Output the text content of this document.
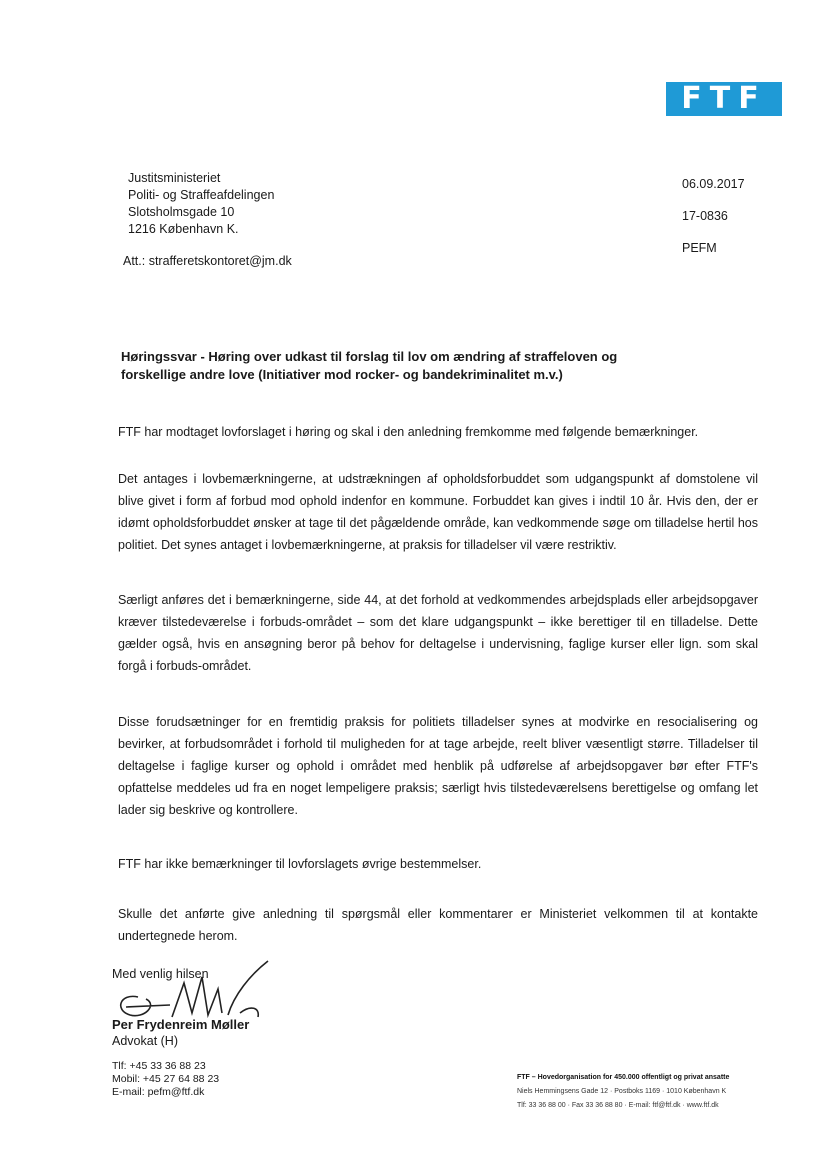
FTF
Justitsministeriet
Politi- og Straffeafdelingen
Slotsholmsgade 10
1216 København K.
06.09.2017
17-0836
PEFM
Att.: strafferetskontoret@jm.dk
Høringssvar - Høring over udkast til forslag til lov om ændring af straffeloven og forskellige andre love (Initiativer mod rocker- og bandekriminalitet m.v.)
FTF har modtaget lovforslaget i høring og skal i den anledning fremkomme med følgende bemærkninger.
Det antages i lovbemærkningerne, at udstrækningen af opholdsforbuddet som udgangspunkt af domstolene vil blive givet i form af forbud mod ophold indenfor en kommune. Forbuddet kan gives i indtil 10 år. Hvis den, der er idømt opholdsforbuddet ønsker at tage til det pågældende område, kan vedkommende søge om tilladelse hertil hos politiet. Det synes antaget i lovbemærkningerne, at praksis for tilladelser vil være restriktiv.
Særligt anføres det i bemærkningerne, side 44, at det forhold at vedkommendes arbejdsplads eller arbejdsopgaver kræver tilstedeværelse i forbuds-området – som det klare udgangspunkt – ikke berettiger til en tilladelse. Dette gælder også, hvis en ansøgning beror på behov for deltagelse i undervisning, faglige kurser eller lign. som skal forgå i forbuds-området.
Disse forudsætninger for en fremtidig praksis for politiets tilladelser synes at modvirke en resocialisering og bevirker, at forbudsområdet i forhold til muligheden for at tage arbejde, reelt bliver væsentligt større. Tilladelser til deltagelse i faglige kurser og ophold i området med henblik på udførelse af arbejdsopgaver bør efter FTF's opfattelse meddeles ud fra en noget lempeligere praksis; særligt hvis tilstedeværelsens berettigelse og omfang let lader sig beskrive og kontrollere.
FTF har ikke bemærkninger til lovforslagets øvrige bestemmelser.
Skulle det anførte give anledning til spørgsmål eller kommentarer er Ministeriet velkommen til at kontakte undertegnede herom.
Med venlig hilsen
Per Frydenreim Møller
Advokat (H)
Tlf: +45 33 36 88 23
Mobil: +45 27 64 88 23
E-mail: pefm@ftf.dk
FTF – Hovedorganisation for 450.000 offentligt og privat ansatte
Niels Hemmingsens Gade 12 · Postboks 1169 · 1010 København K
Tlf: 33 36 88 00 · Fax 33 36 88 80 · E-mail: ftf@ftf.dk · www.ftf.dk
